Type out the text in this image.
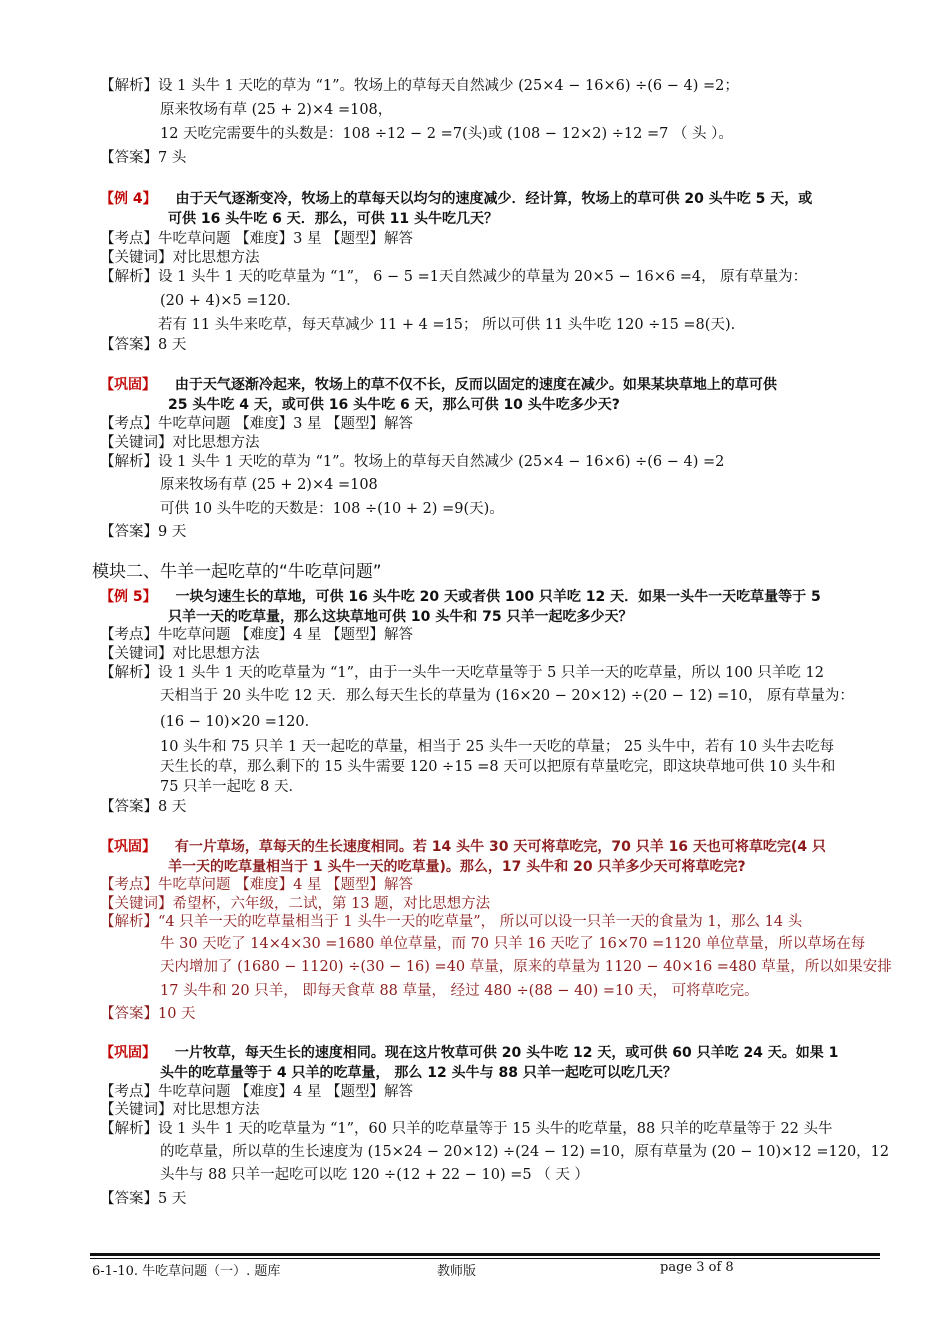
【解析】设 1 头牛 1 天吃的草为 “1”。牧场上的草每天自然减少 (25×4 − 16×6) ÷(6 − 4) =2；
原来牧场有草 (25 + 2)×4 =108，
12 天吃完需要牛的头数是：108 ÷12 − 2 =7(头)或 (108 − 12×2) ÷12 =7 （ 头 ）。
【答案】7 头
【例 4】 由于天气逐渐变冷，牧场上的草每天以均匀的速度减少．经计算，牧场上的草可供 20 头牛吃 5 天，或
可供 16 头牛吃 6 天．那么，可供 11 头牛吃几天？
【考点】牛吃草问题 【难度】3 星 【题型】解答
【关键词】对比思想方法
【解析】设 1 头牛 1 天的吃草量为 “1”， 6 − 5 =1天自然减少的草量为 20×5 − 16×6 =4， 原有草量为：
(20 + 4)×5 =120．
若有 11 头牛来吃草，每天草减少 11 + 4 =15； 所以可供 11 头牛吃 120 ÷15 =8(天).
【答案】8 天
【巩固】 由于天气逐渐冷起来，牧场上的草不仅不长，反而以固定的速度在减少。如果某块草地上的草可供
25 头牛吃 4 天，或可供 16 头牛吃 6 天，那么可供 10 头牛吃多少天?
【考点】牛吃草问题 【难度】3 星 【题型】解答
【关键词】对比思想方法
【解析】设 1 头牛 1 天吃的草为 “1”。牧场上的草每天自然减少 (25×4 − 16×6) ÷(6 − 4) =2
原来牧场有草 (25 + 2)×4 =108
可供 10 头牛吃的天数是：108 ÷(10 + 2) =9(天)。
【答案】9 天
模块二、牛羊一起吃草的“牛吃草问题”
【例 5】 一块匀速生长的草地，可供 16 头牛吃 20 天或者供 100 只羊吃 12 天．如果一头牛一天吃草量等于 5
只羊一天的吃草量，那么这块草地可供 10 头牛和 75 只羊一起吃多少天？
【考点】牛吃草问题 【难度】4 星 【题型】解答
【关键词】对比思想方法
【解析】设 1 头牛 1 天的吃草量为 “1”，由于一头牛一天吃草量等于 5 只羊一天的吃草量，所以 100 只羊吃 12
天相当于 20 头牛吃 12 天．那么每天生长的草量为 (16×20 − 20×12) ÷(20 − 12) =10， 原有草量为：
(16 − 10)×20 =120．
10 头牛和 75 只羊 1 天一起吃的草量，相当于 25 头牛一天吃的草量； 25 头牛中，若有 10 头牛去吃每
天生长的草，那么剩下的 15 头牛需要 120 ÷15 =8 天可以把原有草量吃完，即这块草地可供 10 头牛和
75 只羊一起吃 8 天．
【答案】8 天
【巩固】 有一片草场，草每天的生长速度相同。若 14 头牛 30 天可将草吃完，70 只羊 16 天也可将草吃完(4 只
羊一天的吃草量相当于 1 头牛一天的吃草量)。那么，17 头牛和 20 只羊多少天可将草吃完?
【考点】牛吃草问题 【难度】4 星 【题型】解答
【关键词】希望杯，六年级，二试，第 13 题，对比思想方法
【解析】“4 只羊一天的吃草量相当于 1 头牛一天的吃草量”， 所以可以设一只羊一天的食量为 1，那么 14 头
牛 30 天吃了 14×4×30 =1680 单位草量，而 70 只羊 16 天吃了 16×70 =1120 单位草量，所以草场在每
天内增加了 (1680 − 1120) ÷(30 − 16) =40 草量，原来的草量为 1120 − 40×16 =480 草量，所以如果安排
17 头牛和 20 只羊， 即每天食草 88 草量， 经过 480 ÷(88 − 40) =10 天， 可将草吃完。
【答案】10 天
【巩固】 一片牧草，每天生长的速度相同。现在这片牧草可供 20 头牛吃 12 天，或可供 60 只羊吃 24 天。如果 1
头牛的吃草量等于 4 只羊的吃草量， 那么 12 头牛与 88 只羊一起吃可以吃几天？
【考点】牛吃草问题 【难度】4 星 【题型】解答
【关键词】对比思想方法
【解析】设 1 头牛 1 天的吃草量为 “1”，60 只羊的吃草量等于 15 头牛的吃草量，88 只羊的吃草量等于 22 头牛
的吃草量，所以草的生长速度为 (15×24 − 20×12) ÷(24 − 12) =10，原有草量为 (20 − 10)×12 =120，12
头牛与 88 只羊一起吃可以吃 120 ÷(12 + 22 − 10) =5 （ 天 ）
【答案】5 天
6-1-10. 牛吃草问题（一）. 题库	教师版	page 3 of 8
